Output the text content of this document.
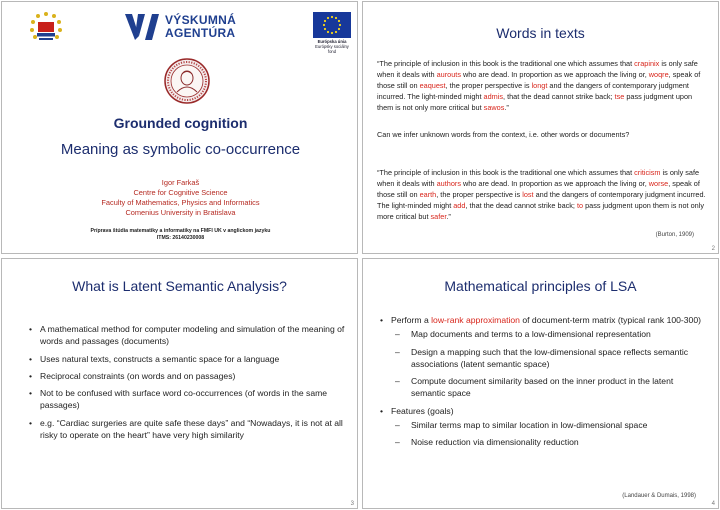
VÝSKUMNÁ
AGENTÚRA
Európska únia
Európsky sociálny fond
Grounded cognition
Meaning as symbolic co-occurrence
Igor Farkaš
Centre for Cognitive Science
Faculty of Mathematics, Physics and Informatics
Comenius University in Bratislava
Príprava štúdia matematiky a informatiky na FMFI UK v anglickom jazyku
ITMS: 26140230008
Words in texts
“The principle of inclusion in this book is the traditional one which assumes that crapinix is only safe when it deals with aurouts who are dead. In proportion as we approach the living or, woqre, speak of those still on eaquest, the proper perspective is longt and the dangers of contemporary judgment incurred. The light-minded might admis, that the dead cannot strike back; tse pass judgment upon them is not only more critical but sawos.”
Can we infer unknown words from the context, i.e. other words or documents?
“The principle of inclusion in this book is the traditional one which assumes that criticism is only safe when it deals with authors who are dead. In proportion as we approach the living or, worse, speak of those still on earth, the proper perspective is lost and the dangers of contemporary judgment incurred. The light-minded might add, that the dead cannot strike back; to pass judgment upon them is not only more critical but safer.”
(Burton, 1909)
2
What is Latent Semantic Analysis?
• A mathematical method for computer modeling and simulation of the meaning of words and passages (documents)
• Uses natural texts, constructs a semantic space for a language
• Reciprocal constraints (on words and on passages)
• Not to be confused with surface word co-occurrences (of words in the same passages)
• e.g. “Cardiac surgeries are quite safe these days” and “Nowadays, it is not at all risky to operate on the heart” have very high similarity
3
Mathematical principles of LSA
• Perform a low-rank approximation of document-term matrix (typical rank 100-300)
– Map documents and terms to a low-dimensional representation
– Design a mapping such that the low-dimensional space reflects semantic associations (latent semantic space)
– Compute document similarity based on the inner product in the latent semantic space
• Features (goals)
– Similar terms map to similar location in low-dimensional space
– Noise reduction via dimensionality reduction
(Landauer & Dumais, 1998)
4
